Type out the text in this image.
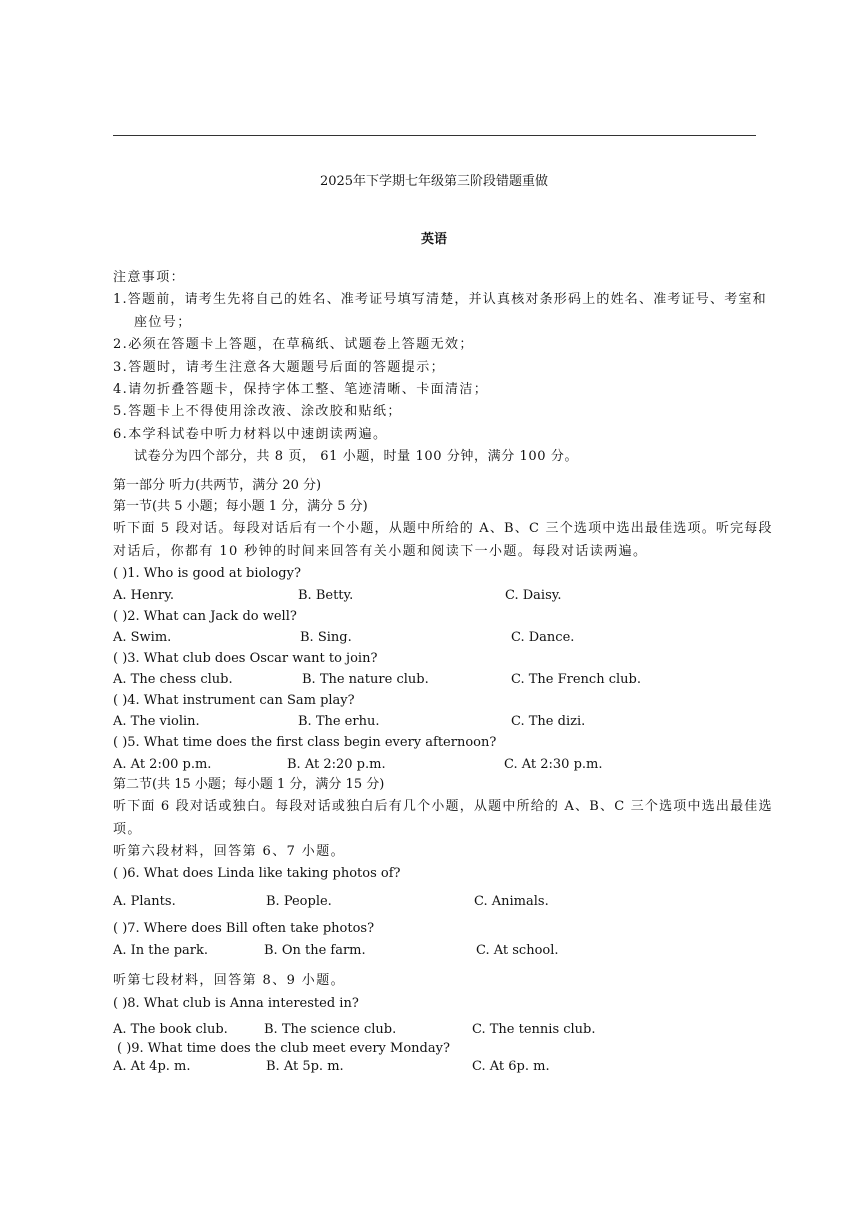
2025年下学期七年级第三阶段错题重做
英语
注意事项：
1.答题前，请考生先将自己的姓名、准考证号填写清楚，并认真核对条形码上的姓名、准考证号、考室和
座位号；
2.必须在答题卡上答题，在草稿纸、试题卷上答题无效；
3.答题时，请考生注意各大题题号后面的答题提示；
4.请勿折叠答题卡，保持字体工整、笔迹清晰、卡面清洁；
5.答题卡上不得使用涂改液、涂改胶和贴纸；
6.本学科试卷中听力材料以中速朗读两遍。
试卷分为四个部分，共 8 页， 61 小题，时量 100 分钟，满分 100 分。
第一部分 听力(共两节，满分 20 分)
第一节(共 5 小题；每小题 1 分，满分 5 分)
听下面 5 段对话。每段对话后有一个小题，从题中所给的 A、B、C 三个选项中选出最佳选项。听完每段
对话后，你都有 10 秒钟的时间来回答有关小题和阅读下一小题。每段对话读两遍。
( )1. Who is good at biology?
A. Henry.	B. Betty.	C. Daisy.
( )2. What can Jack do well?
A. Swim.	B. Sing.	C. Dance.
( )3. What club does Oscar want to join?
A. The chess club.	B. The nature club.	C. The French club.
( )4. What instrument can Sam play?
A. The violin.	B. The erhu.	C. The dizi.
( )5. What time does the first class begin every afternoon?
A. At 2:00 p.m.	B. At 2:20 p.m.	C. At 2:30 p.m.
第二节(共 15 小题；每小题 1 分，满分 15 分)
听下面 6 段对话或独白。每段对话或独白后有几个小题，从题中所给的 A、B、C 三个选项中选出最佳选
项。
听第六段材料，回答第 6、7 小题。
( )6. What does Linda like taking photos of?
A. Plants.	B. People.	C. Animals.
( )7. Where does Bill often take photos?
A. In the park.	B. On the farm.	C. At school.
听第七段材料，回答第 8、9 小题。
( )8. What club is Anna interested in?
A. The book club.	B. The science club.	C. The tennis club.
( )9. What time does the club meet every Monday?
A. At 4p. m.	B. At 5p. m.	C. At 6p. m.
